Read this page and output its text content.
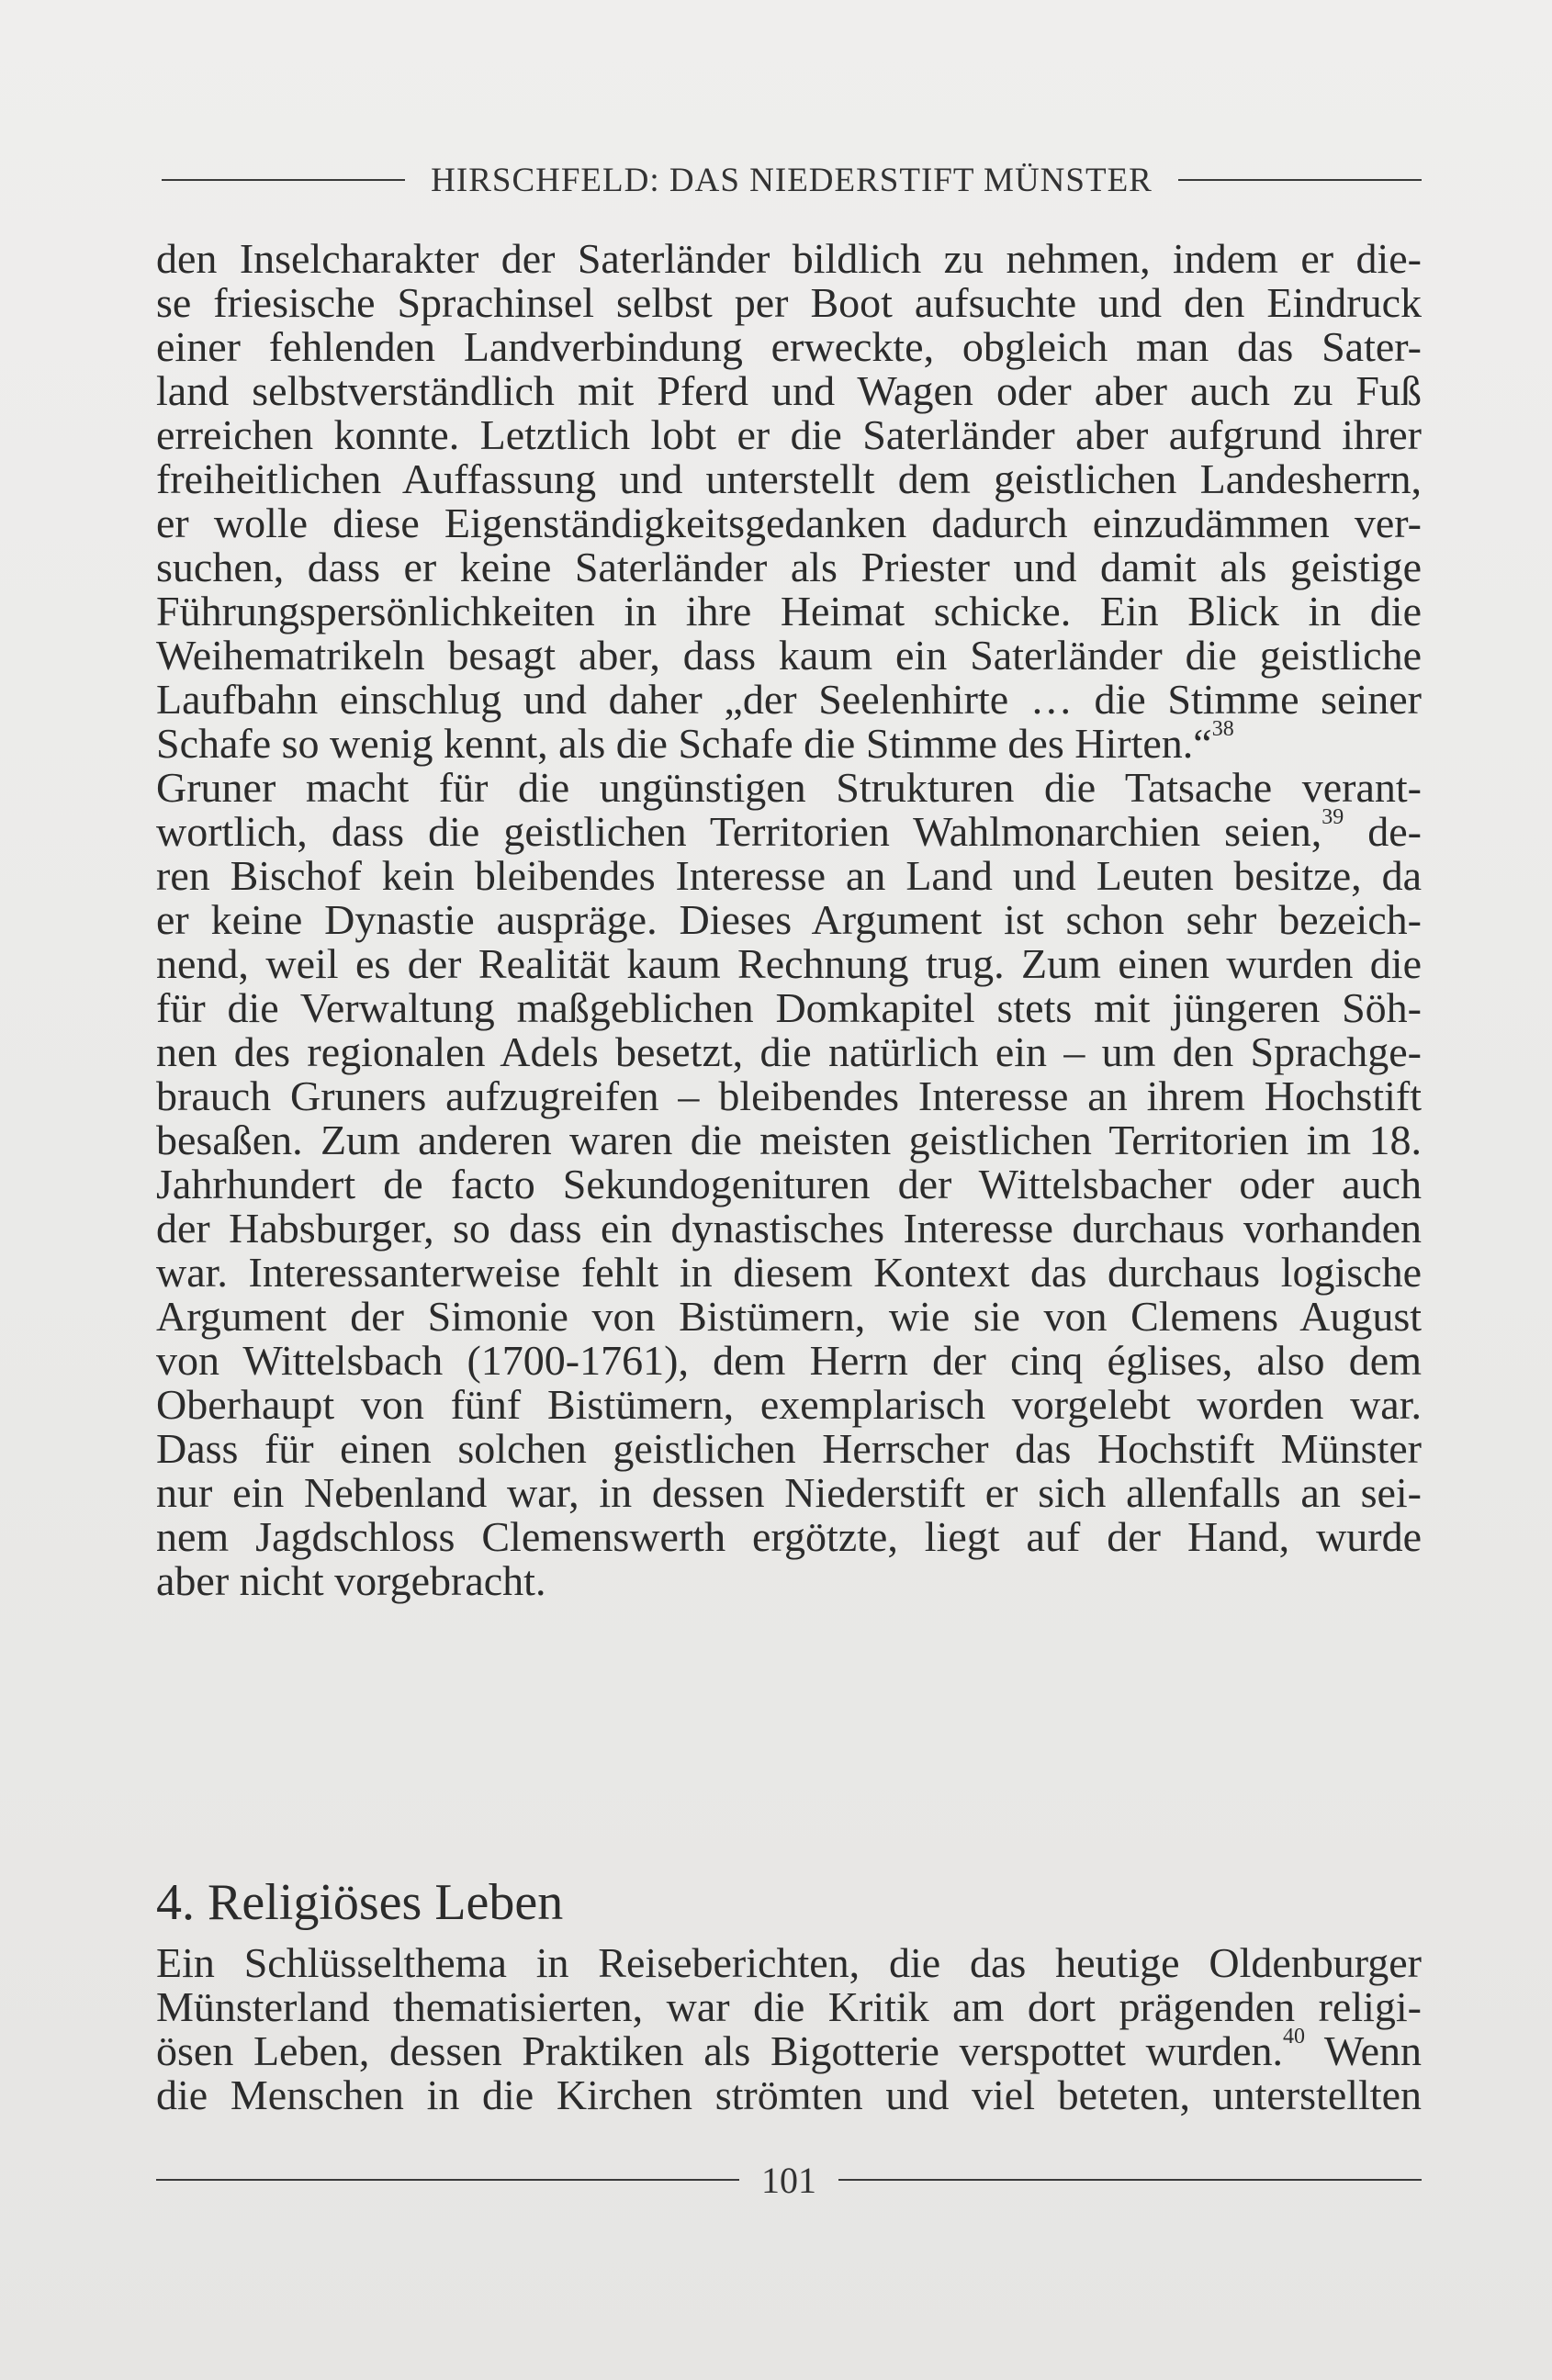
HIRSCHFELD: DAS NIEDERSTIFT MÜNSTER
den Inselcharakter der Saterländer bildlich zu nehmen, indem er die-
se friesische Sprachinsel selbst per Boot aufsuchte und den Eindruck
einer fehlenden Landverbindung erweckte, obgleich man das Sater-
land selbstverständlich mit Pferd und Wagen oder aber auch zu Fuß
erreichen konnte. Letztlich lobt er die Saterländer aber aufgrund ihrer
freiheitlichen Auffassung und unterstellt dem geistlichen Landesherrn,
er wolle diese Eigenständigkeitsgedanken dadurch einzudämmen ver-
suchen, dass er keine Saterländer als Priester und damit als geistige
Führungspersönlichkeiten in ihre Heimat schicke. Ein Blick in die
Weihematrikeln besagt aber, dass kaum ein Saterländer die geistliche
Laufbahn einschlug und daher „der Seelenhirte … die Stimme seiner
Schafe so wenig kennt, als die Schafe die Stimme des Hirten.“$^{38}$
Gruner macht für die ungünstigen Strukturen die Tatsache verant-
wortlich, dass die geistlichen Territorien Wahlmonarchien seien,$^{39}$ de-
ren Bischof kein bleibendes Interesse an Land und Leuten besitze, da
er keine Dynastie auspräge. Dieses Argument ist schon sehr bezeich-
nend, weil es der Realität kaum Rechnung trug. Zum einen wurden die
für die Verwaltung maßgeblichen Domkapitel stets mit jüngeren Söh-
nen des regionalen Adels besetzt, die natürlich ein – um den Sprachge-
brauch Gruners aufzugreifen – bleibendes Interesse an ihrem Hochstift
besaßen. Zum anderen waren die meisten geistlichen Territorien im 18.
Jahrhundert de facto Sekundogenituren der Wittelsbacher oder auch
der Habsburger, so dass ein dynastisches Interesse durchaus vorhanden
war. Interessanterweise fehlt in diesem Kontext das durchaus logische
Argument der Simonie von Bistümern, wie sie von Clemens August
von Wittelsbach (1700-1761), dem Herrn der cinq églises, also dem
Oberhaupt von fünf Bistümern, exemplarisch vorgelebt worden war.
Dass für einen solchen geistlichen Herrscher das Hochstift Münster
nur ein Nebenland war, in dessen Niederstift er sich allenfalls an sei-
nem Jagdschloss Clemenswerth ergötzte, liegt auf der Hand, wurde
aber nicht vorgebracht.
4. Religiöses Leben
Ein Schlüsselthema in Reiseberichten, die das heutige Oldenburger
Münsterland thematisierten, war die Kritik am dort prägenden religi-
ösen Leben, dessen Praktiken als Bigotterie verspottet wurden.$^{40}$ Wenn
die Menschen in die Kirchen strömten und viel beteten, unterstellten
101
